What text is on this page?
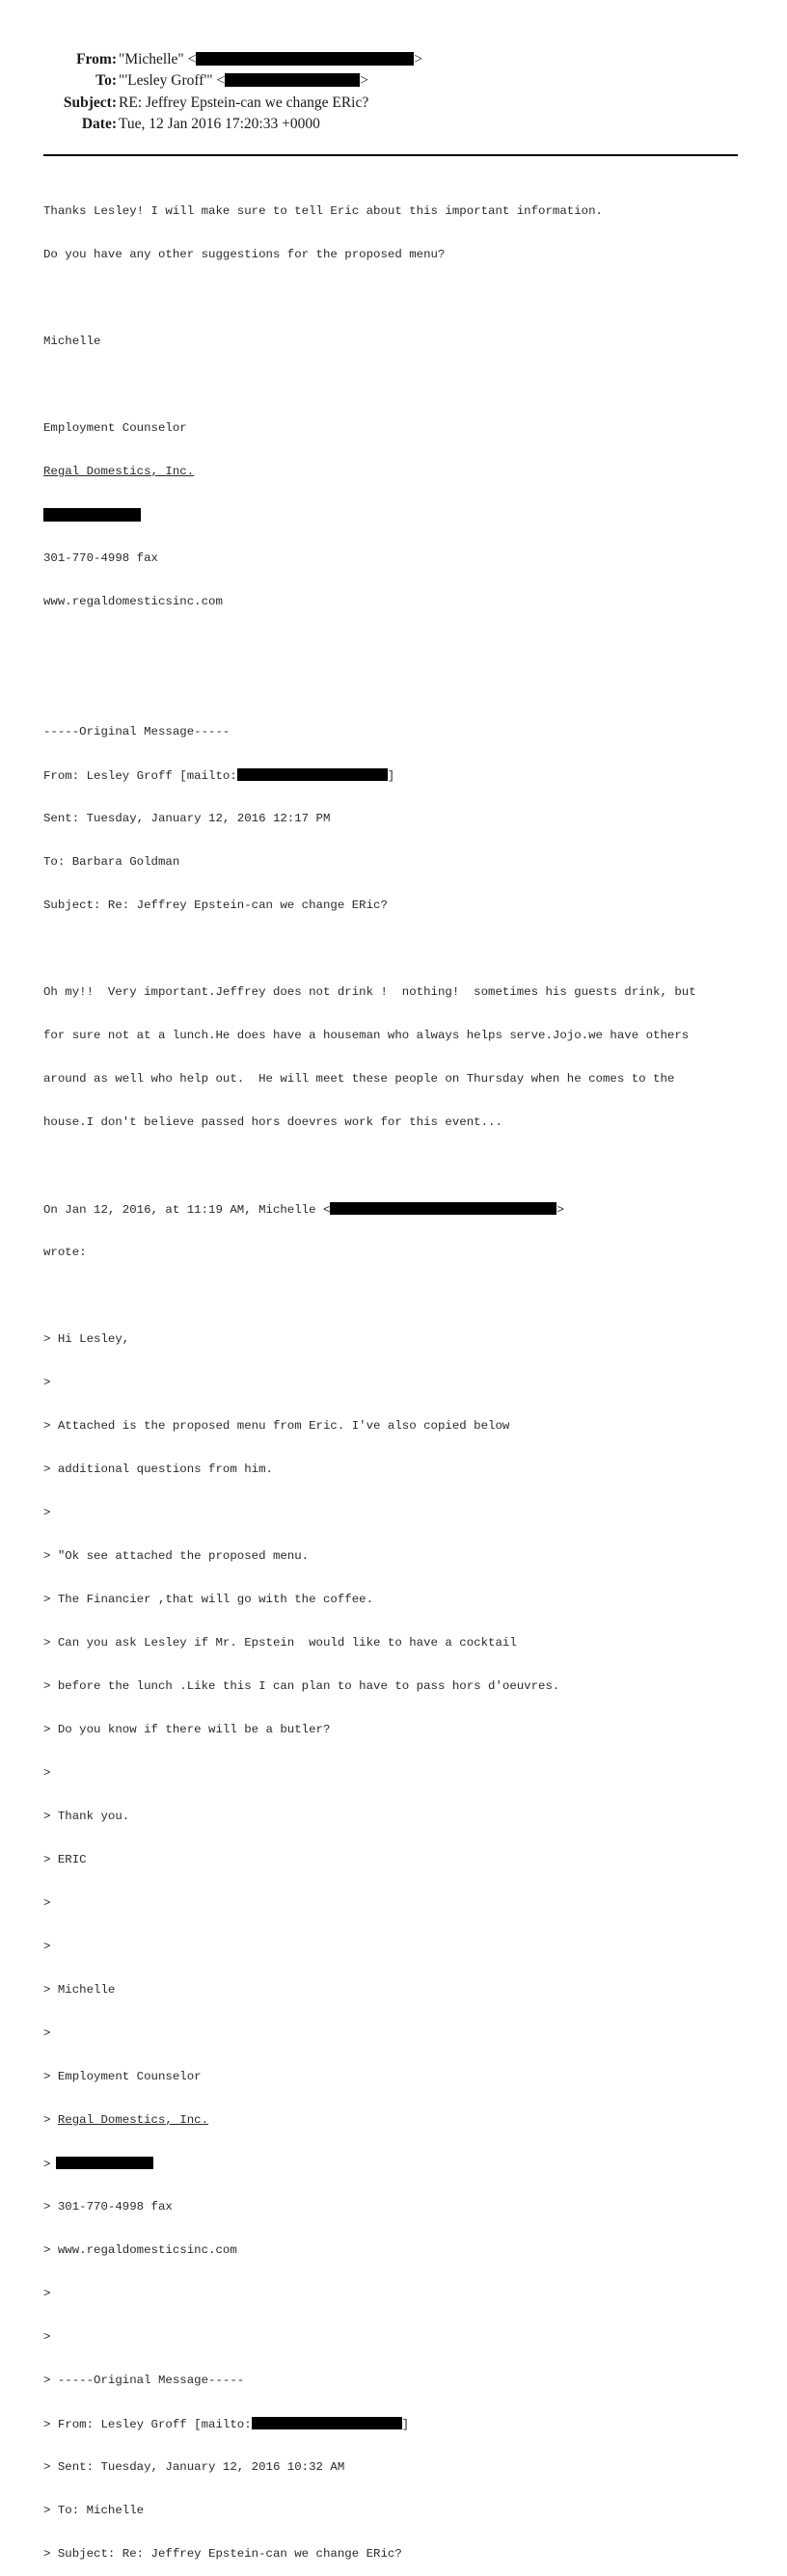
From: "Michelle" <	>
To: "'Lesley Groff'" <	>
Subject: RE: Jeffrey Epstein-can we change ERic?
Date: Tue, 12 Jan 2016 17:20:33 +0000

Thanks Lesley! I will make sure to tell Eric about this important information.

Do you have any other suggestions for the proposed menu?

Michelle

Employment Counselor

Regal Domestics, Inc.

301-770-4998 fax

www.regaldomesticsinc.com

-----Original Message-----

From: Lesley Groff [mailto:	]

Sent: Tuesday, January 12, 2016 12:17 PM

To: Barbara Goldman

Subject: Re: Jeffrey Epstein-can we change ERic?

Oh my!!  Very important.Jeffrey does not drink !  nothing!  sometimes his guests drink, but

for sure not at a lunch.He does have a houseman who always helps serve.Jojo.we have others

around as well who help out.  He will meet these people on Thursday when he comes to the

house.I don't believe passed hors doevres work for this event...

On Jan 12, 2016, at 11:19 AM, Michelle <	>

wrote:

> Hi Lesley,

>

> Attached is the proposed menu from Eric. I've also copied below

> additional questions from him.

>

> "Ok see attached the proposed menu.

> The Financier ,that will go with the coffee.

> Can you ask Lesley if Mr. Epstein  would like to have a cocktail

> before the lunch .Like this I can plan to have to pass hors d'oeuvres.

> Do you know if there will be a butler?

>

> Thank you.

> ERIC

>

>

> Michelle

>

> Employment Counselor

> Regal Domestics, Inc.

>

> 301-770-4998 fax

> www.regaldomesticsinc.com

>

>

> -----Original Message-----

> From: Lesley Groff [mailto:	]

> Sent: Tuesday, January 12, 2016 10:32 AM

> To: Michelle

> Subject: Re: Jeffrey Epstein-can we change ERic?
